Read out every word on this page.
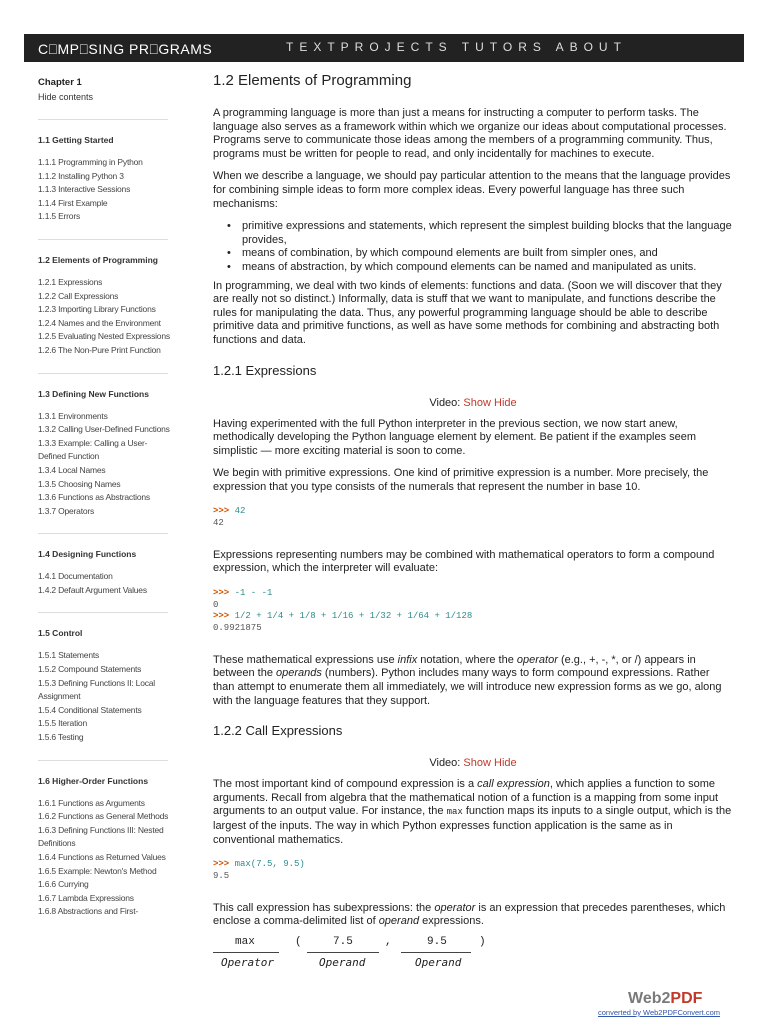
C⎕MP⎕SING PR⎕GRAMS	TEXTPROJECTS TUTORS ABOUT
Chapter 1
Hide contents
1.1 Getting Started
1.1.1 Programming in Python
1.1.2 Installing Python 3
1.1.3 Interactive Sessions
1.1.4 First Example
1.1.5 Errors
1.2 Elements of Programming
1.2.1 Expressions
1.2.2 Call Expressions
1.2.3 Importing Library Functions
1.2.4 Names and the Environment
1.2.5 Evaluating Nested Expressions
1.2.6 The Non-Pure Print Function
1.3 Defining New Functions
1.3.1 Environments
1.3.2 Calling User-Defined Functions
1.3.3 Example: Calling a User-Defined Function
1.3.4 Local Names
1.3.5 Choosing Names
1.3.6 Functions as Abstractions
1.3.7 Operators
1.4 Designing Functions
1.4.1 Documentation
1.4.2 Default Argument Values
1.5 Control
1.5.1 Statements
1.5.2 Compound Statements
1.5.3 Defining Functions II: Local Assignment
1.5.4 Conditional Statements
1.5.5 Iteration
1.5.6 Testing
1.6 Higher-Order Functions
1.6.1 Functions as Arguments
1.6.2 Functions as General Methods
1.6.3 Defining Functions III: Nested Definitions
1.6.4 Functions as Returned Values
1.6.5 Example: Newton's Method
1.6.6 Currying
1.6.7 Lambda Expressions
1.6.8 Abstractions and First-
1.2 Elements of Programming

A programming language is more than just a means for instructing a computer to perform tasks. The language also serves as a framework within which we organize our ideas about computational processes. Programs serve to communicate those ideas among the members of a programming community. Thus, programs must be written for people to read, and only incidentally for machines to execute.

When we describe a language, we should pay particular attention to the means that the language provides for combining simple ideas to form more complex ideas. Every powerful language has three such mechanisms:

• primitive expressions and statements, which represent the simplest building blocks that the language provides,
• means of combination, by which compound elements are built from simpler ones, and
• means of abstraction, by which compound elements can be named and manipulated as units.

In programming, we deal with two kinds of elements: functions and data. (Soon we will discover that they are really not so distinct.) Informally, data is stuff that we want to manipulate, and functions describe the rules for manipulating the data. Thus, any powerful programming language should be able to describe primitive data and primitive functions, as well as have some methods for combining and abstracting both functions and data.

1.2.1 Expressions
Video: Show Hide

Having experimented with the full Python interpreter in the previous section, we now start anew, methodically developing the Python language element by element. Be patient if the examples seem simplistic — more exciting material is soon to come.

We begin with primitive expressions. One kind of primitive expression is a number. More precisely, the expression that you type consists of the numerals that represent the number in base 10.

>>> 42
42

Expressions representing numbers may be combined with mathematical operators to form a compound expression, which the interpreter will evaluate:

>>> -1 - -1
0
>>> 1/2 + 1/4 + 1/8 + 1/16 + 1/32 + 1/64 + 1/128
0.9921875

These mathematical expressions use infix notation, where the operator (e.g., +, -, *, or /) appears in between the operands (numbers). Python includes many ways to form compound expressions. Rather than attempt to enumerate them all immediately, we will introduce new expression forms as we go, along with the language features that they support.

1.2.2 Call Expressions
Video: Show Hide

The most important kind of compound expression is a call expression, which applies a function to some arguments. Recall from algebra that the mathematical notion of a function is a mapping from some input arguments to an output value. For instance, the max function maps its inputs to a single output, which is the largest of the inputs. The way in which Python expresses function application is the same as in conventional mathematics.

>>> max(7.5, 9.5)
9.5

This call expression has subexpressions: the operator is an expression that precedes parentheses, which enclose a comma-delimited list of operand expressions.

max	(	7.5	,	9.5	)
Operator	Operand	Operand
Web2PDF
converted by Web2PDFConvert.com
